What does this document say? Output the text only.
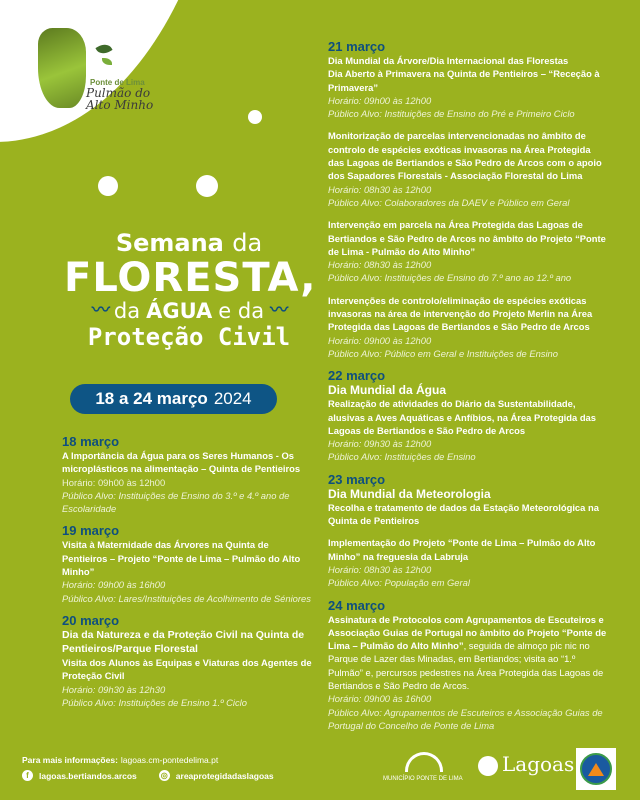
Ponte de Lima
Pulmão do
Alto Minho
Semana da
FLORESTA,
〰 da ÁGUA e da 〰
Proteção Civil
18 a 24 março 2024
18 março
A Importância da Água para os Seres Humanos - Os microplásticos na alimentação – Quinta de Pentieiros
Horário: 09h00 às 12h00
Público Alvo: Instituições de Ensino do 3.º e 4.º ano de Escolaridade
19 março
Visita à Maternidade das Árvores na Quinta de Pentieiros – Projeto “Ponte de Lima – Pulmão do Alto Minho”
Horário: 09h00 às 16h00
Público Alvo: Lares/Instituições de Acolhimento de Séniores
20 março
Dia da Natureza e da Proteção Civil na Quinta de Pentieiros/Parque Florestal
Visita dos Alunos às Equipas e Viaturas dos Agentes de Proteção Civil
Horário: 09h30 às 12h30
Público Alvo: Instituições de Ensino 1.º Ciclo
21 março
Dia Mundial da Árvore/Dia Internacional das Florestas
Dia Aberto à Primavera na Quinta de Pentieiros – “Receção à Primavera”
Horário: 09h00 às 12h00
Público Alvo: Instituições de Ensino do Pré e Primeiro Ciclo
Monitorização de parcelas intervencionadas no âmbito de controlo de espécies exóticas invasoras na Área Protegida das Lagoas de Bertiandos e São Pedro de Arcos com o apoio dos Sapadores Florestais - Associação Florestal do Lima
Horário: 08h30 às 12h00
Público Alvo: Colaboradores da DAEV e Público em Geral
Intervenção em parcela na Área Protegida das Lagoas de Bertiandos e São Pedro de Arcos no âmbito do Projeto “Ponte de Lima - Pulmão do Alto Minho”
Horário: 08h30 às 12h00
Público Alvo: Instituições de Ensino do 7.º ano ao 12.º ano
Intervenções de controlo/eliminação de espécies exóticas invasoras na área de intervenção do Projeto Merlin na Área Protegida das Lagoas de Bertiandos e São Pedro de Arcos
Horário: 09h00 às 12h00
Público Alvo: Público em Geral e Instituições de Ensino
22 março
Dia Mundial da Água
Realização de atividades do Diário da Sustentabilidade, alusivas a Aves Aquáticas e Anfíbios, na Área Protegida das Lagoas de Bertiandos e São Pedro de Arcos
Horário: 09h30 às 12h00
Público Alvo: Instituições de Ensino
23 março
Dia Mundial da Meteorologia
Recolha e tratamento de dados da Estação Meteorológica na Quinta de Pentieiros
Implementação do Projeto “Ponte de Lima – Pulmão do Alto Minho” na freguesia da Labruja
Horário: 08h30 às 12h00
Público Alvo: População em Geral
24 março
Assinatura de Protocolos com Agrupamentos de Escuteiros e Associação Guias de Portugal no âmbito do Projeto “Ponte de Lima – Pulmão do Alto Minho”, seguida de almoço pic nic no Parque de Lazer das Minadas, em Bertiandos; visita ao “1.º Pulmão” e, percursos pedestres na Área Protegida das Lagoas de Bertiandos e São Pedro de Arcos.
Horário: 09h00 às 16h00
Público Alvo: Agrupamentos de Escuteiros e Associação Guias de Portugal do Concelho de Ponte de Lima
Para mais informações: lagoas.cm-pontedelima.pt
f	lagoas.bertiandos.arcos	◎ areaprotegidadaslagoas	MUNICÍPIO PONTE DE LIMA
Lagoas
